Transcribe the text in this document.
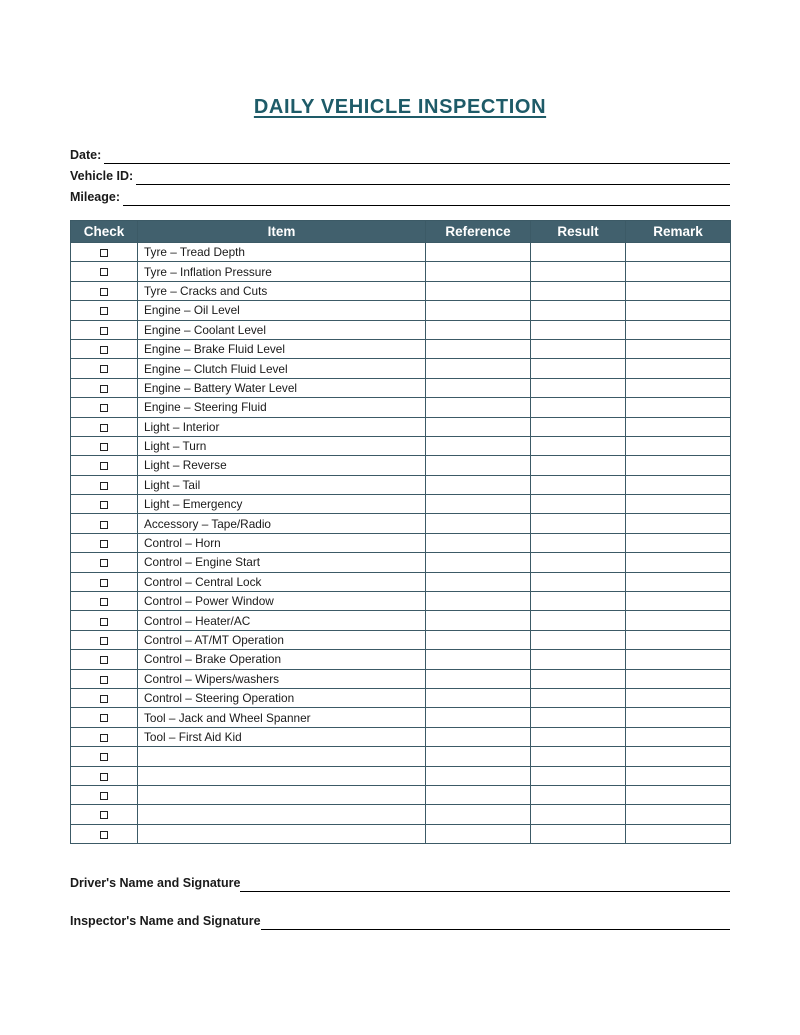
DAILY VEHICLE INSPECTION
Date:
Vehicle ID:
Mileage:
Check	Item	Reference	Result	Remark
	Tyre – Tread Depth			
	Tyre – Inflation Pressure			
	Tyre – Cracks and Cuts			
	Engine – Oil Level			
	Engine – Coolant Level			
	Engine – Brake Fluid Level			
	Engine – Clutch Fluid Level			
	Engine – Battery Water Level			
	Engine – Steering Fluid			
	Light – Interior			
	Light – Turn			
	Light – Reverse			
	Light – Tail			
	Light – Emergency			
	Accessory – Tape/Radio			
	Control – Horn			
	Control – Engine Start			
	Control – Central Lock			
	Control – Power Window			
	Control – Heater/AC			
	Control – AT/MT Operation			
	Control – Brake Operation			
	Control – Wipers/washers			
	Control – Steering Operation			
	Tool – Jack and Wheel Spanner			
	Tool – First Aid Kid			

Driver's Name and Signature
Inspector's Name and Signature
